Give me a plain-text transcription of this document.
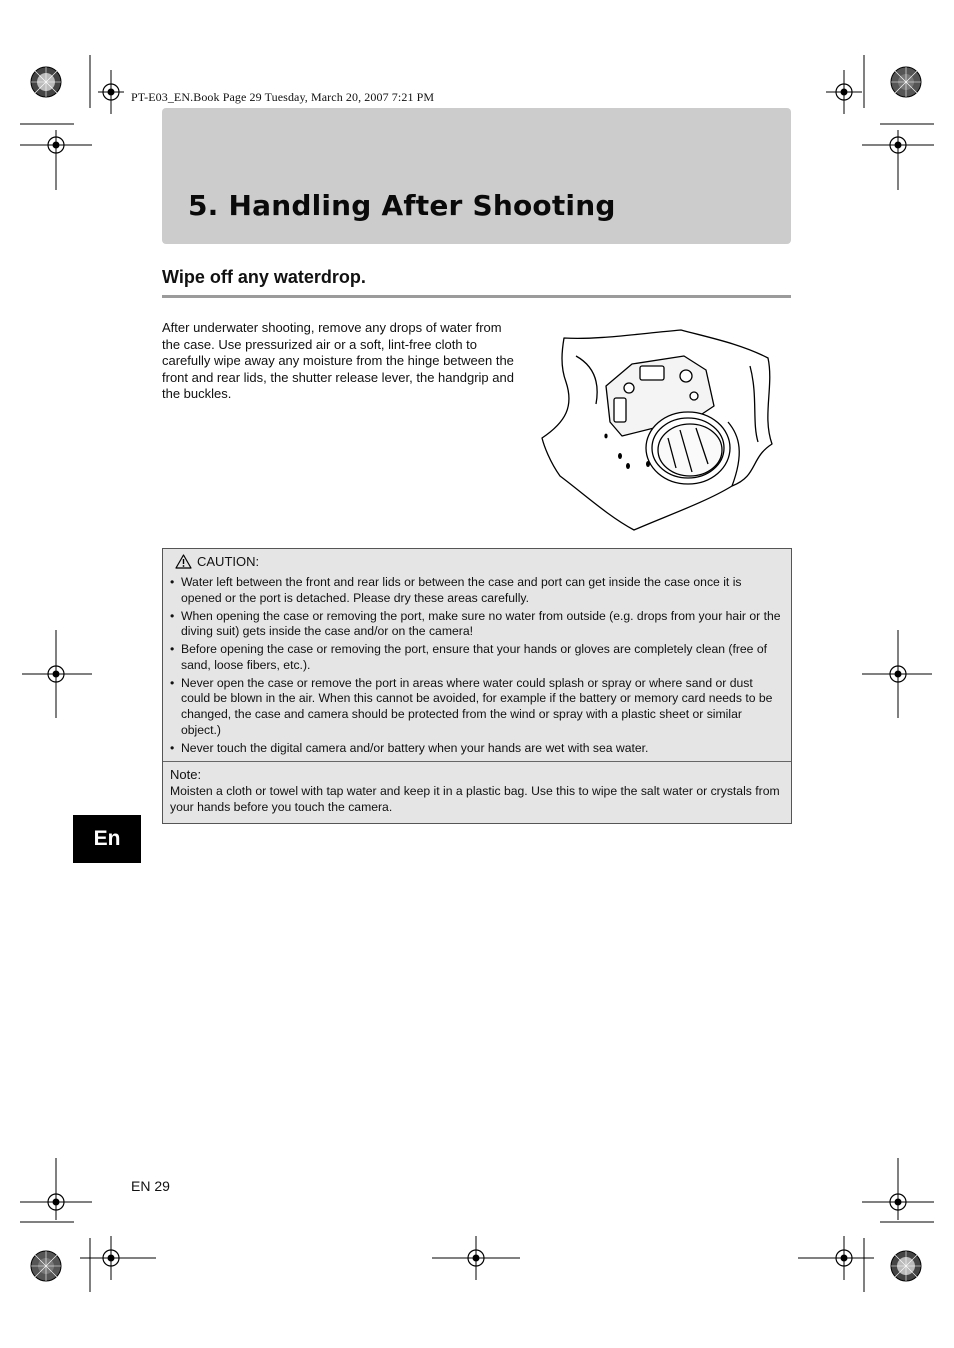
PT-E03_EN.Book Page 29 Tuesday, March 20, 2007 7:21 PM
5. Handling After Shooting
Wipe off any waterdrop.

After underwater shooting, remove any drops of water from the case. Use pressurized air or a soft, lint-free cloth to carefully wipe away any moisture from the hinge between the front and rear lids, the shutter release lever, the handgrip and the buckles.

CAUTION:
• Water left between the front and rear lids or between the case and port can get inside the case once it is opened or the port is detached. Please dry these areas carefully.
• When opening the case or removing the port, make sure no water from outside (e.g. drops from your hair or the diving suit) gets inside the case and/or on the camera!
• Before opening the case or removing the port, ensure that your hands or gloves are completely clean (free of sand, loose fibers, etc.).
• Never open the case or remove the port in areas where water could splash or spray or where sand or dust could be blown in the air. When this cannot be avoided, for example if the battery or memory card needs to be changed, the case and camera should be protected from the wind or spray with a plastic sheet or similar object.)
• Never touch the digital camera and/or battery when your hands are wet with sea water.
Note:

Moisten a cloth or towel with tap water and keep it in a plastic bag. Use this to wipe the salt water or crystals from your hands before you touch the camera.

En
EN 29
